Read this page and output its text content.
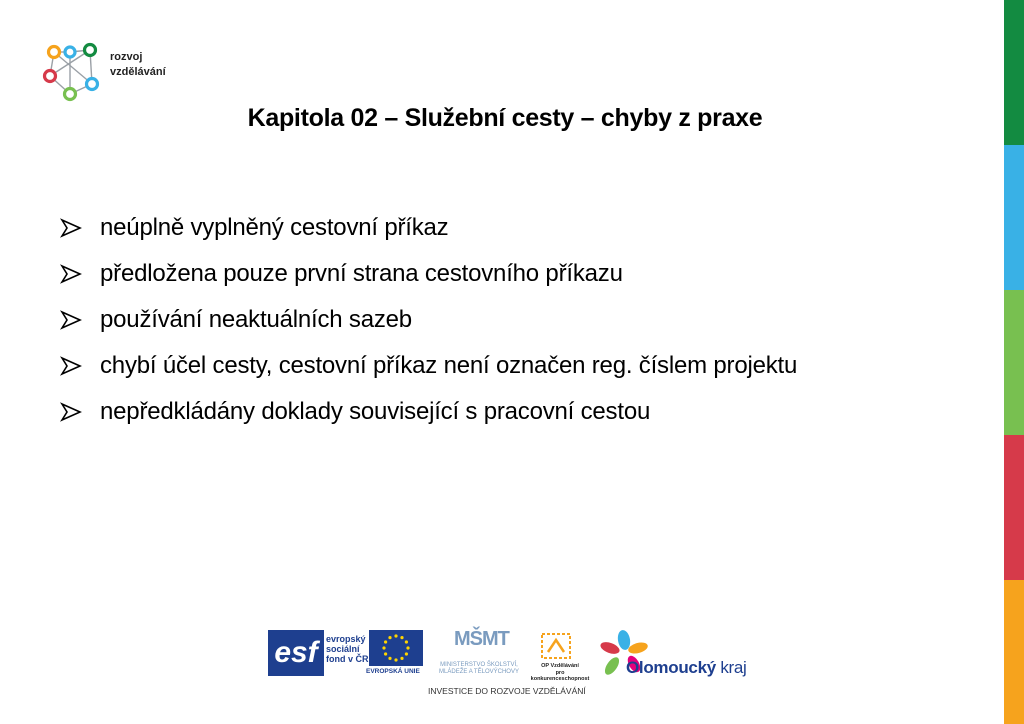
rozvoj
vzdělávání
Kapitola 02 – Služební cesty – chyby z praxe
neúplně vyplněný cestovní příkaz
předložena pouze první strana cestovního příkazu
používání neaktuálních sazeb
chybí účel cesty, cestovní příkaz není označen reg. číslem projektu
nepředkládány doklady související s pracovní cestou
esf evropský
sociální
fond v ČR
EVROPSKÁ UNIE
MŠMT
MINISTERSTVO ŠKOLSTVÍ,
MLÁDEŽE A TĚLOVÝCHOVY
OP Vzdělávání
pro konkurenceschopnost
Olomoucký kraj
INVESTICE DO ROZVOJE VZDĚLÁVÁNÍ
